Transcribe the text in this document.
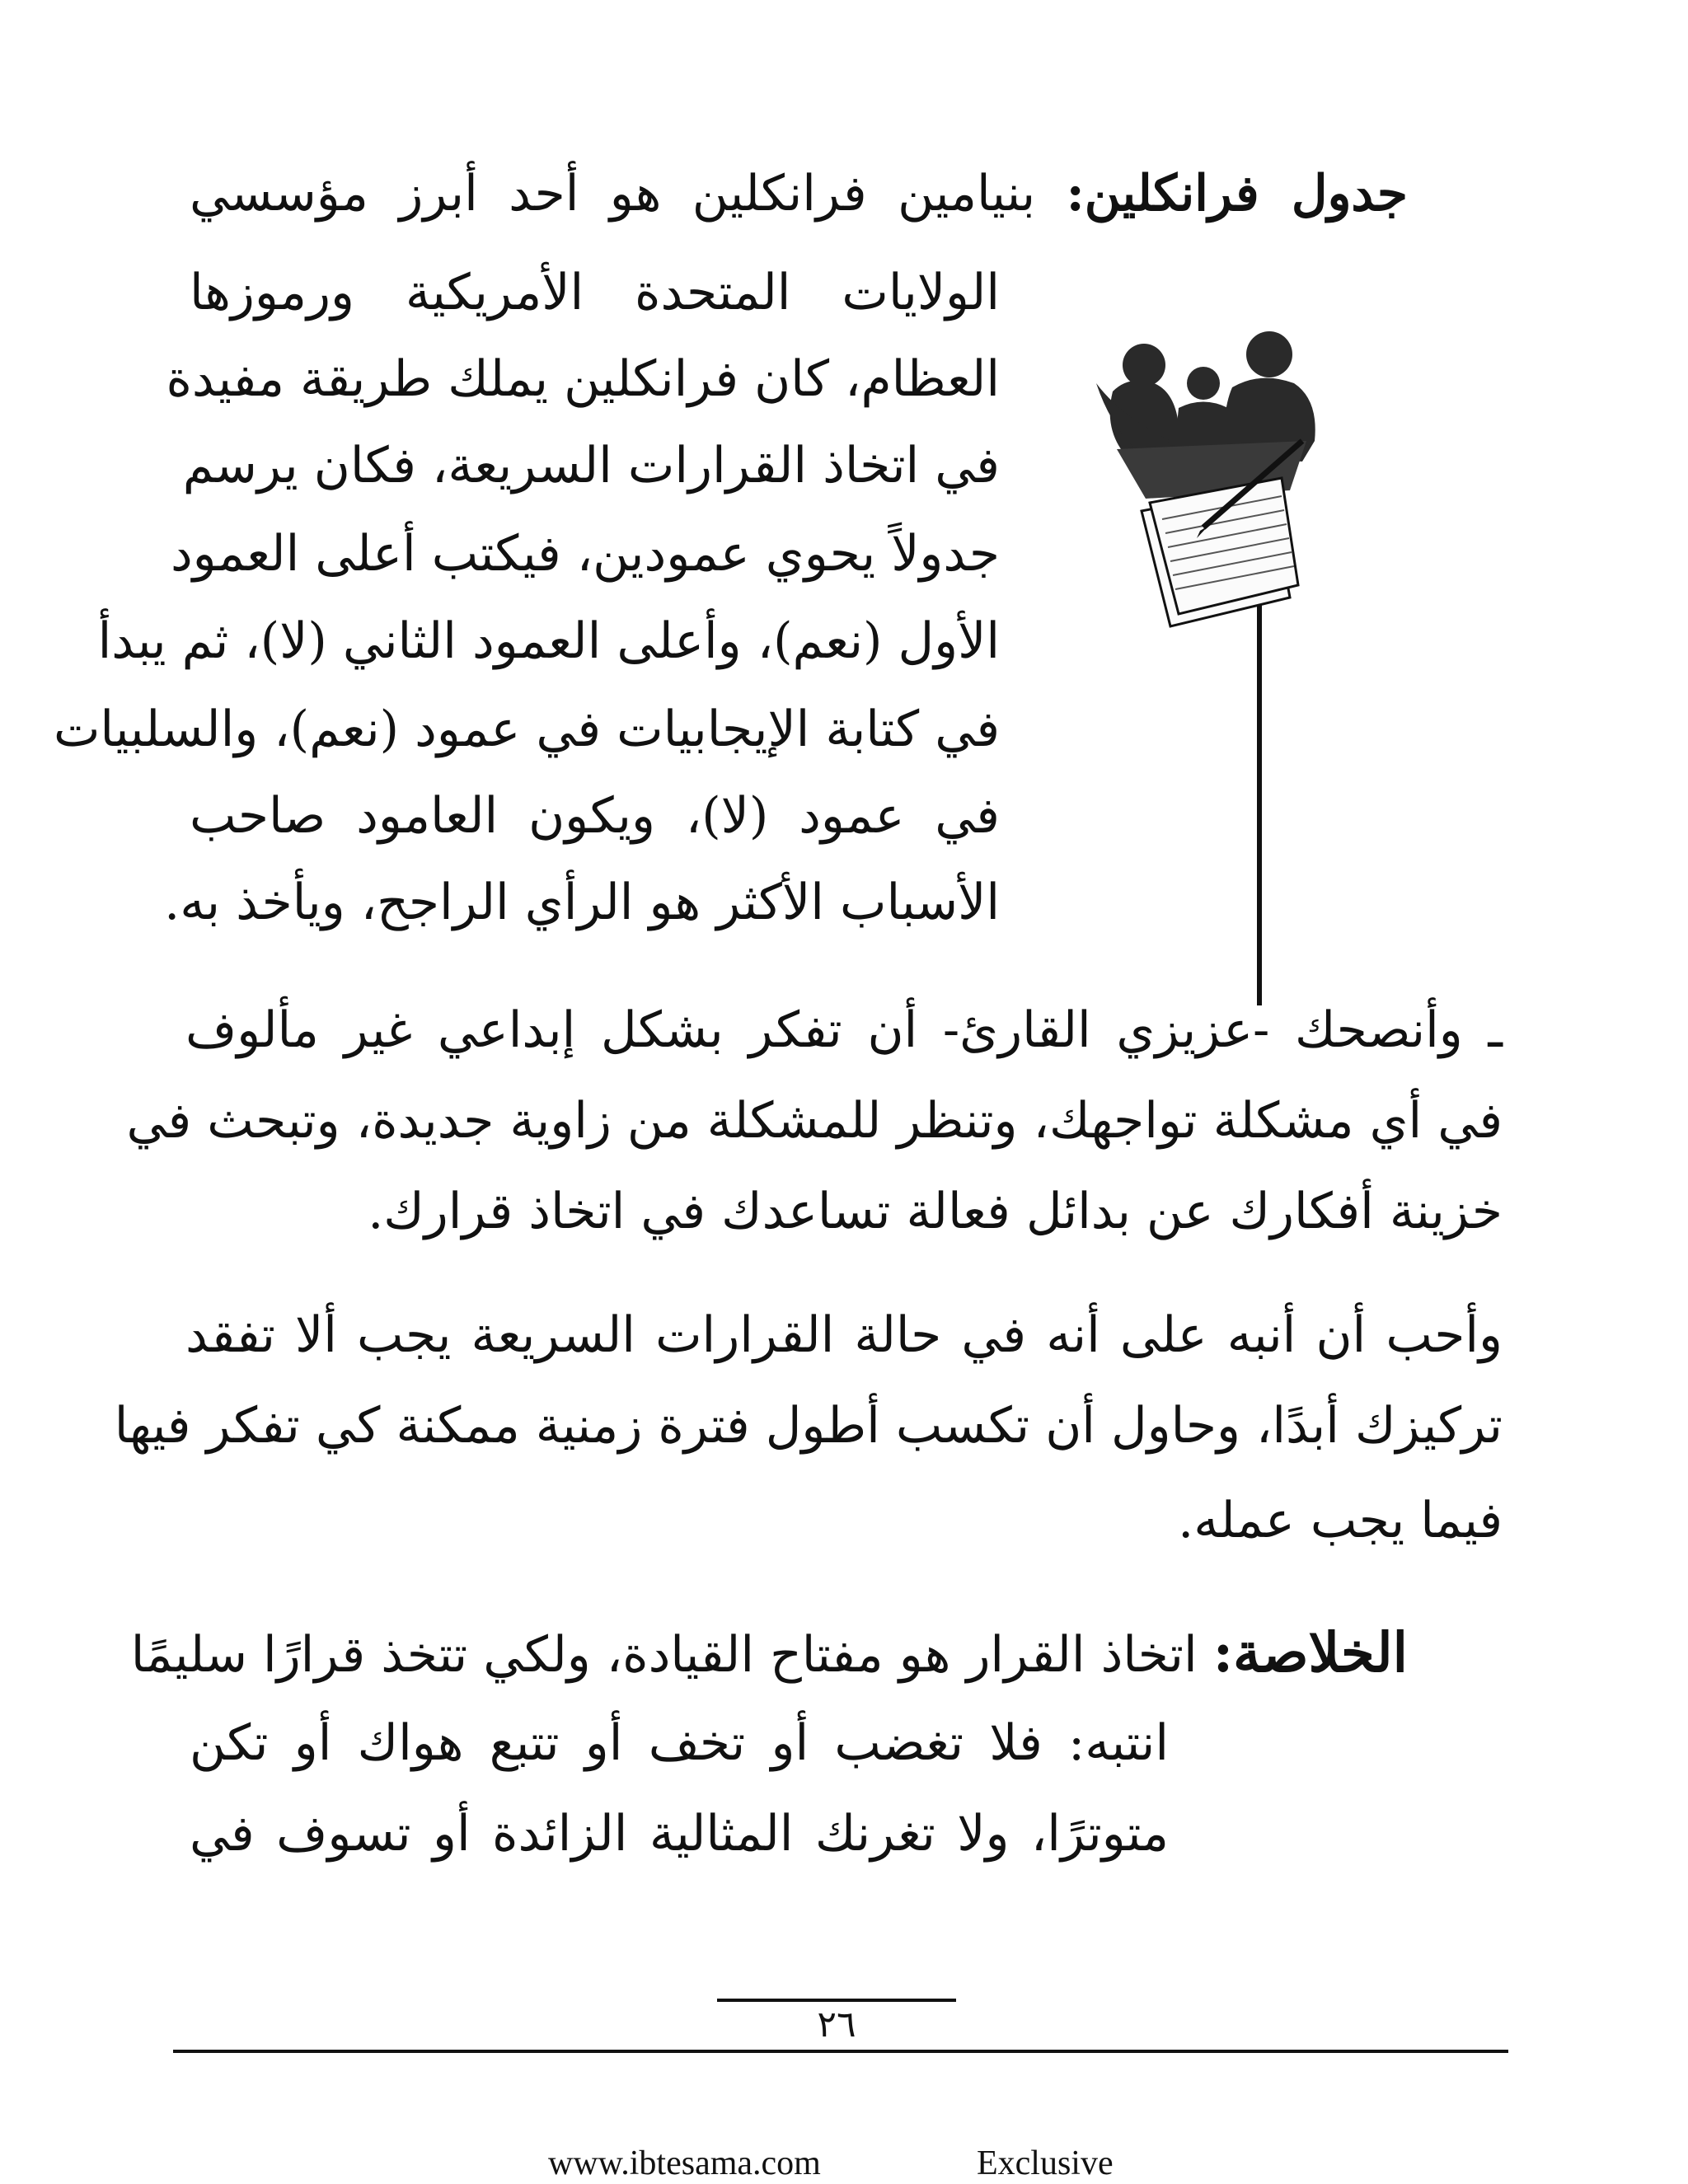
جدول فرانكلين: بنيامين فرانكلين هو أحد أبرز مؤسسي
الولايات المتحدة الأمريكية ورموزها
العظام، كان فرانكلين يملك طريقة مفيدة
في اتخاذ القرارات السريعة، فكان يرسم
جدولاً يحوي عمودين، فيكتب أعلى العمود
الأول (نعم)، وأعلى العمود الثاني (لا)، ثم يبدأ
في كتابة الإيجابيات في عمود (نعم)، والسلبيات
في عمود (لا)، ويكون العامود صاحب
الأسباب الأكثر هو الرأي الراجح، ويأخذ به.
ـ وأنصحك -عزيزي القارئ- أن تفكر بشكل إبداعي غير مألوف
في أي مشكلة تواجهك، وتنظر للمشكلة من زاوية جديدة، وتبحث في
خزينة أفكارك عن بدائل فعالة تساعدك في اتخاذ قرارك.
وأحب أن أنبه على أنه في حالة القرارات السريعة يجب ألا تفقد
تركيزك أبدًا، وحاول أن تكسب أطول فترة زمنية ممكنة كي تفكر فيها
فيما يجب عمله.
الخلاصة: اتخاذ القرار هو مفتاح القيادة، ولكي تتخذ قرارًا سليمًا
انتبه: فلا تغضب أو تخف أو تتبع هواك أو تكن
متوترًا، ولا تغرنك المثالية الزائدة أو تسوف في
٢٦
www.ibtesama.com	Exclusive
